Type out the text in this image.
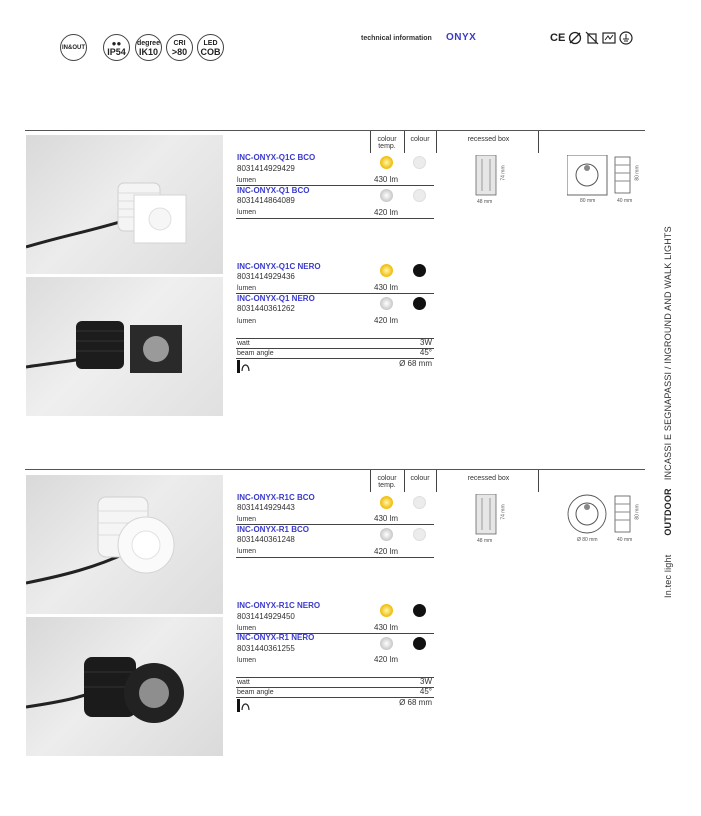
IN&OUT	●●
IP54
degree
IK10
CRI
>80
LED
COB
technical information ONYX	CE
colour temp.
colour	recessed box
INC-ONYX-Q1C BCO
8031414929429
lumen	430 lm
INC-ONYX-Q1 BCO
8031414864089
lumen	420 lm
INC-ONYX-Q1C NERO
8031414929436
lumen	430 lm
INC-ONYX-Q1 NERO
8031440361262
lumen	420 lm
watt	3W
beam angle	45°
Ø 68 mm
48 mm
74 mm
80 mm	40 mm
80 mm
colour temp.
colour	recessed box
INC-ONYX-R1C BCO
8031414929443
lumen	430 lm
INC-ONYX-R1 BCO
8031440361248
lumen	420 lm
INC-ONYX-R1C NERO
8031414929450
lumen	430 lm
INC-ONYX-R1 NERO
8031440361255
lumen	420 lm
watt	3W
beam angle	45°
Ø 68 mm
48 mm
74 mm
Ø 80 mm	40 mm
80 mm
In.tec light       OUTDOOR   INCASSI E SEGNAPASSI / INGROUND AND WALK LIGHTS
